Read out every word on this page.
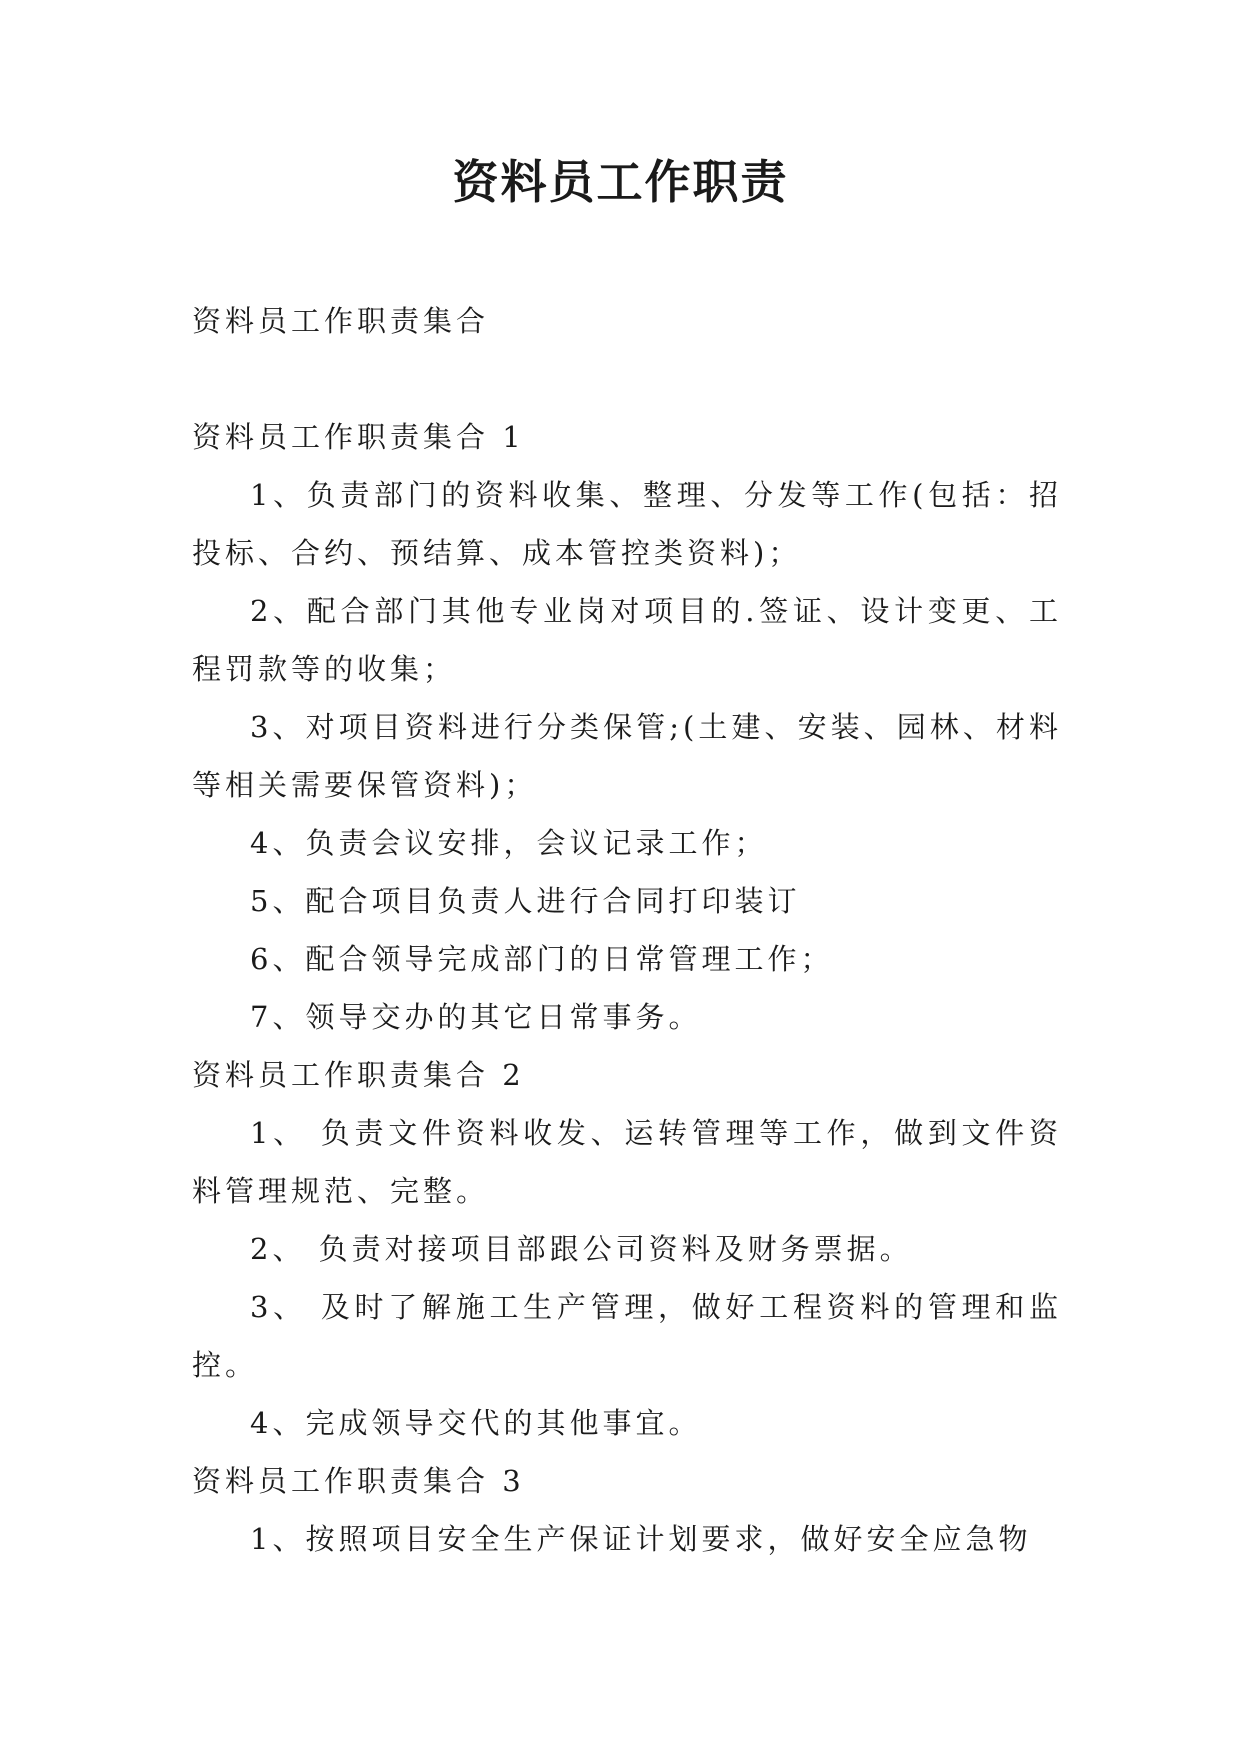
资料员工作职责

资料员工作职责集合

资料员工作职责集合 1

1、负责部门的资料收集、整理、分发等工作(包括：招投标、合约、预结算、成本管控类资料)；

2、配合部门其他专业岗对项目的.签证、设计变更、工程罚款等的收集；

3、对项目资料进行分类保管;(土建、安装、园林、材料等相关需要保管资料)；

4、负责会议安排，会议记录工作；

5、配合项目负责人进行合同打印装订

6、配合领导完成部门的日常管理工作；

7、领导交办的其它日常事务。

资料员工作职责集合 2

1、 负责文件资料收发、运转管理等工作，做到文件资料管理规范、完整。

2、 负责对接项目部跟公司资料及财务票据。

3、 及时了解施工生产管理，做好工程资料的管理和监控。

4、完成领导交代的其他事宜。

资料员工作职责集合 3

1、按照项目安全生产保证计划要求，做好安全应急物
